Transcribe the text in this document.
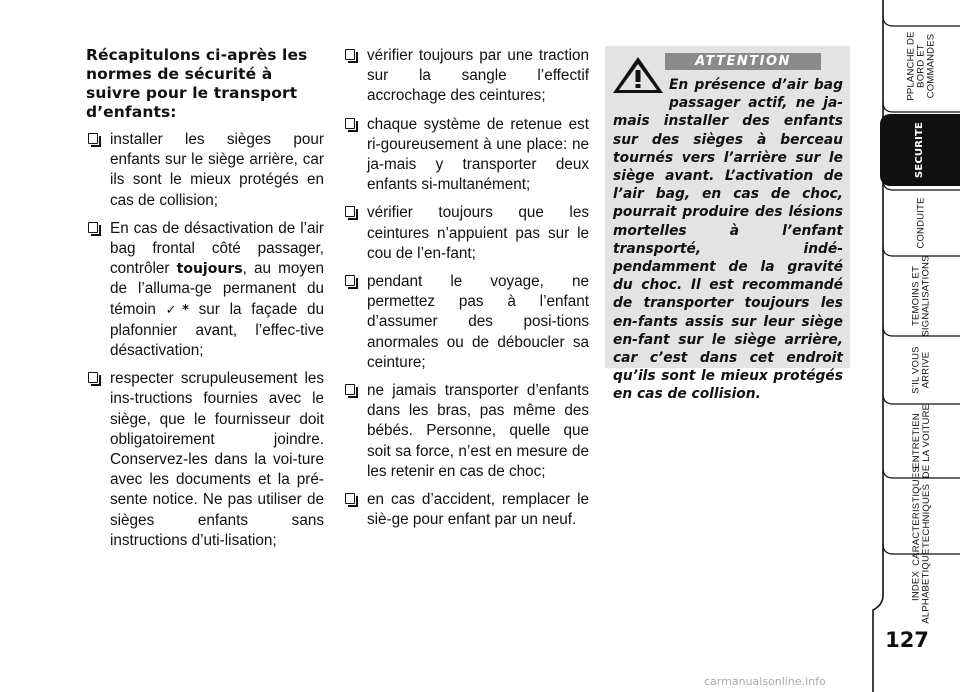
Récapitulons ci-après les normes de sécurité à suivre pour le transport d’enfants:
installer les sièges pour enfants sur le siège arrière, car ils sont le mieux protégés en cas de collision;
En cas de désactivation de l’air bag frontal côté passager, contrôler toujours, au moyen de l’alluma-ge permanent du témoin ✓* sur la façade du plafonnier avant, l’effec-tive désactivation;
respecter scrupuleusement les ins-tructions fournies avec le siège, que le fournisseur doit obligatoirement joindre. Conservez-les dans la voi-ture avec les documents et la pré-sente notice. Ne pas utiliser de sièges enfants sans instructions d’uti-lisation;
vérifier toujours par une traction sur la sangle l’effectif accrochage des ceintures;
chaque système de retenue est ri-goureusement à une place: ne ja-mais y transporter deux enfants si-multanément;
vérifier toujours que les ceintures n’appuient pas sur le cou de l’en-fant;
pendant le voyage, ne permettez pas à l’enfant d’assumer des posi-tions anormales ou de déboucler sa ceinture;
ne jamais transporter d’enfants dans les bras, pas même des bébés. Personne, quelle que soit sa force, n’est en mesure de les retenir en cas de choc;
en cas d’accident, remplacer le siè-ge pour enfant par un neuf.
ATTENTION
En présence d’air bag passager actif, ne ja-mais installer des enfants sur des sièges à berceau tournés vers l’arrière sur le siège avant. L’activation de l’air bag, en cas de choc, pourrait produire des lésions mortelles à l’enfant transporté, indé-pendamment de la gravité du choc. Il est recommandé de transporter toujours les en-fants assis sur leur siège en-fant sur le siège arrière, car c’est dans cet endroit qu’ils sont le mieux protégés en cas de collision.
PPLANCHE DE
BORD ET
COMMANDES
SECURITE
CONDUITE
TEMOINS ET
SIGNALISATIONS
S’IL VOUS
ARRIVE
ENTRETIEN
DE LA VOITURE
CARACTERISTIQUES
TECHNIQUES
INDEX
ALPHABETIQUE
127
carmanualsonline.info
